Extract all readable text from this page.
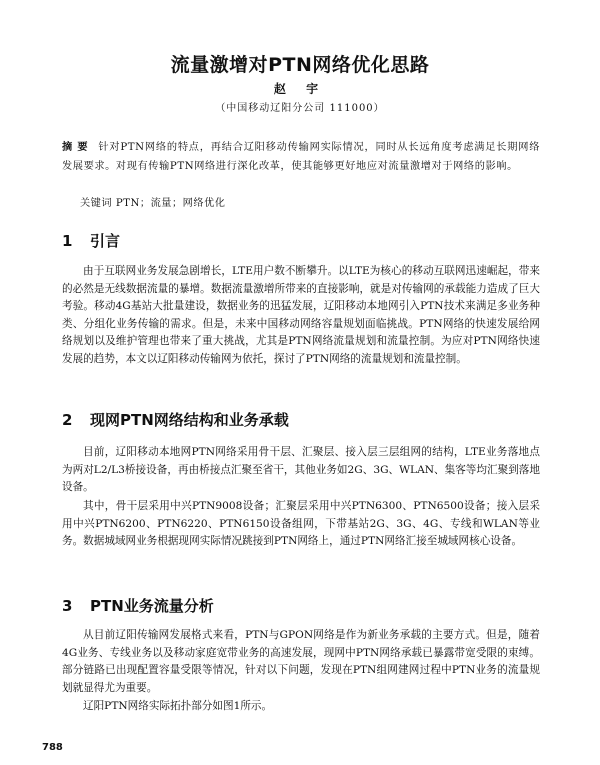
流量激增对PTN网络优化思路
赵 宇
（中国移动辽阳分公司 111000）
摘 要 针对PTN网络的特点，再结合辽阳移动传输网实际情况，同时从长远角度考虑满足长期网络发展要求。对现有传输PTN网络进行深化改革，使其能够更好地应对流量激增对于网络的影响。
关键词 PTN；流量；网络优化
1 引言

由于互联网业务发展急剧增长，LTE用户数不断攀升。以LTE为核心的移动互联网迅速崛起，带来的必然是无线数据流量的暴增。数据流量激增所带来的直接影响，就是对传输网的承载能力造成了巨大考验。移动4G基站大批量建设，数据业务的迅猛发展，辽阳移动本地网引入PTN技术来满足多业务种类、分组化业务传输的需求。但是，未来中国移动网络容量规划面临挑战。PTN网络的快速发展给网络规划以及维护管理也带来了重大挑战，尤其是PTN网络流量规划和流量控制。为应对PTN网络快速发展的趋势，本文以辽阳移动传输网为依托，探讨了PTN网络的流量规划和流量控制。

2 现网PTN网络结构和业务承载

目前，辽阳移动本地网PTN网络采用骨干层、汇聚层、接入层三层组网的结构，LTE业务落地点为两对L2/L3桥接设备，再由桥接点汇聚至省干，其他业务如2G、3G、WLAN、集客等均汇聚到落地设备。

其中，骨干层采用中兴PTN9008设备；汇聚层采用中兴PTN6300、PTN6500设备；接入层采用中兴PTN6200、PTN6220、PTN6150设备组网，下带基站2G、3G、4G、专线和WLAN等业务。数据城域网业务根据现网实际情况跳接到PTN网络上，通过PTN网络汇接至城域网核心设备。

3 PTN业务流量分析

从目前辽阳传输网发展格式来看，PTN与GPON网络是作为新业务承载的主要方式。但是，随着4G业务、专线业务以及移动家庭宽带业务的高速发展，现网中PTN网络承载已暴露带宽受限的束缚。部分链路已出现配置容量受限等情况，针对以下问题，发现在PTN组网建网过程中PTN业务的流量规划就显得尤为重要。

辽阳PTN网络实际拓扑部分如图1所示。

788
